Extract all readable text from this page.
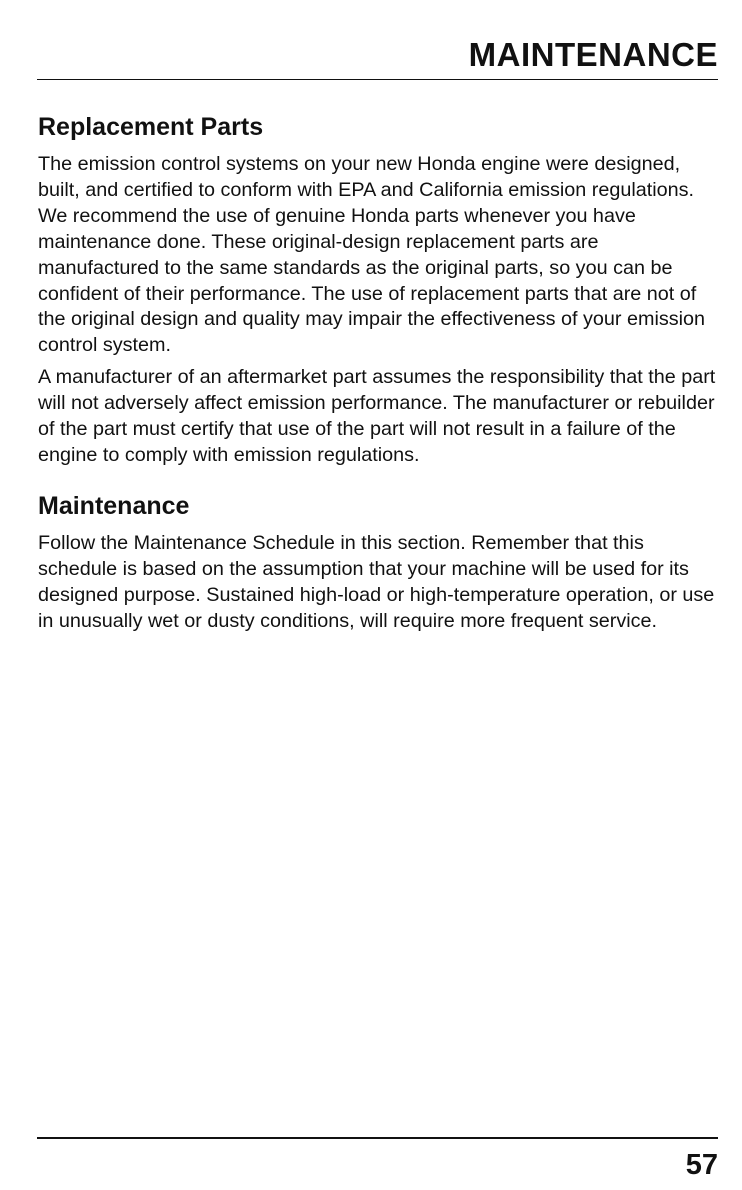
MAINTENANCE
Replacement Parts

The emission control systems on your new Honda engine were designed, built, and certified to conform with EPA and California emission regulations. We recommend the use of genuine Honda parts whenever you have maintenance done. These original-design replacement parts are manufactured to the same standards as the original parts, so you can be confident of their performance. The use of replacement parts that are not of the original design and quality may impair the effectiveness of your emission control system.

A manufacturer of an aftermarket part assumes the responsibility that the part will not adversely affect emission performance. The manufacturer or rebuilder of the part must certify that use of the part will not result in a failure of the engine to comply with emission regulations.

Maintenance

Follow the Maintenance Schedule in this section. Remember that this schedule is based on the assumption that your machine will be used for its designed purpose. Sustained high-load or high-temperature operation, or use in unusually wet or dusty conditions, will require more frequent service.

57
